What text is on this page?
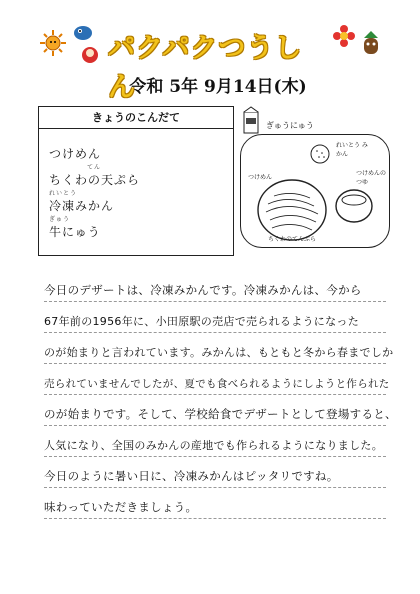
パクパクつうしん
令和 5年 9月14日(木)
きょうのこんだて
つけめん
てん
ちくわの天ぷら
れいとう
冷凍みかん
ぎゅう
牛にゅう
ぎゅうにゅう
つけめん
れいとう みかん
つけめんの つゆ
ちくわのてんぷら
今日のデザートは、冷凍みかんです。冷凍みかんは、今から
67年前の1956年に、小田原駅の売店で売られるようになった
のが始まりと言われています。みかんは、もともと冬から春までしか
売られていませんでしたが、夏でも食べられるようにしようと作られた
のが始まりです。そして、学校給食でデザートとして登場すると、
人気になり、全国のみかんの産地でも作られるようになりました。
今日のように暑い日に、冷凍みかんはピッタリですね。
味わっていただきましょう。
